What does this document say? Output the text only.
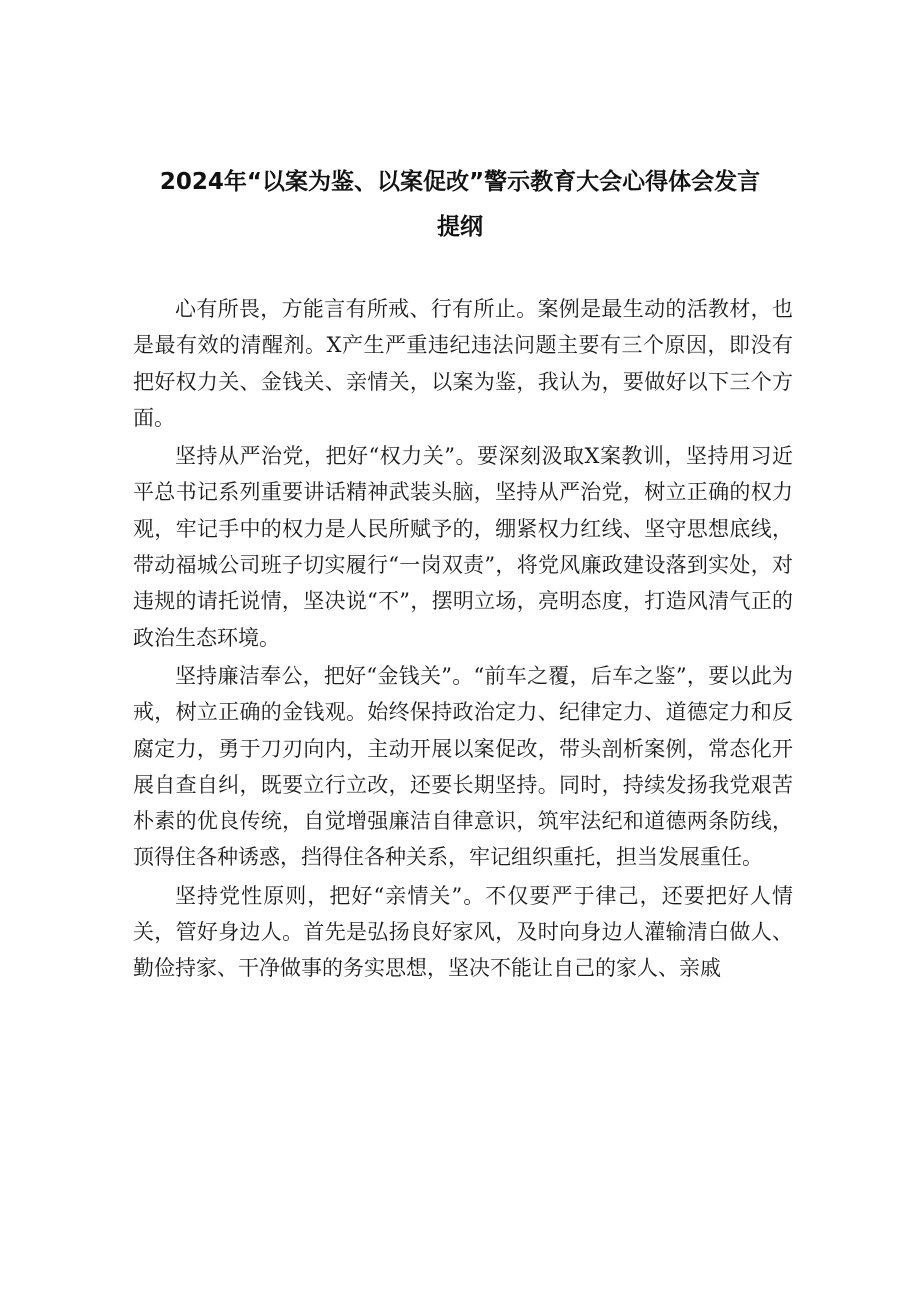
2024年“以案为鉴、以案促改”警示教育大会心得体会发言
提纲

心有所畏，方能言有所戒、行有所止。案例是最生动的活教材，也是最有效的清醒剂。X产生严重违纪违法问题主要有三个原因，即没有把好权力关、金钱关、亲情关，以案为鉴，我认为，要做好以下三个方面。

坚持从严治党，把好“权力关”。要深刻汲取X案教训，坚持用习近平总书记系列重要讲话精神武装头脑，坚持从严治党，树立正确的权力观，牢记手中的权力是人民所赋予的，绷紧权力红线、坚守思想底线，带动福城公司班子切实履行“一岗双责”，将党风廉政建设落到实处，对违规的请托说情，坚决说“不”，摆明立场，亮明态度，打造风清气正的政治生态环境。

坚持廉洁奉公，把好“金钱关”。“前车之覆，后车之鉴”，要以此为戒，树立正确的金钱观。始终保持政治定力、纪律定力、道德定力和反腐定力，勇于刀刃向内，主动开展以案促改，带头剖析案例，常态化开展自查自纠，既要立行立改，还要长期坚持。同时，持续发扬我党艰苦朴素的优良传统，自觉增强廉洁自律意识，筑牢法纪和道德两条防线，顶得住各种诱惑，挡得住各种关系，牢记组织重托，担当发展重任。

坚持党性原则，把好“亲情关”。不仅要严于律己，还要把好人情关，管好身边人。首先是弘扬良好家风，及时向身边人灌输清白做人、勤俭持家、干净做事的务实思想，坚决不能让自己的家人、亲戚
